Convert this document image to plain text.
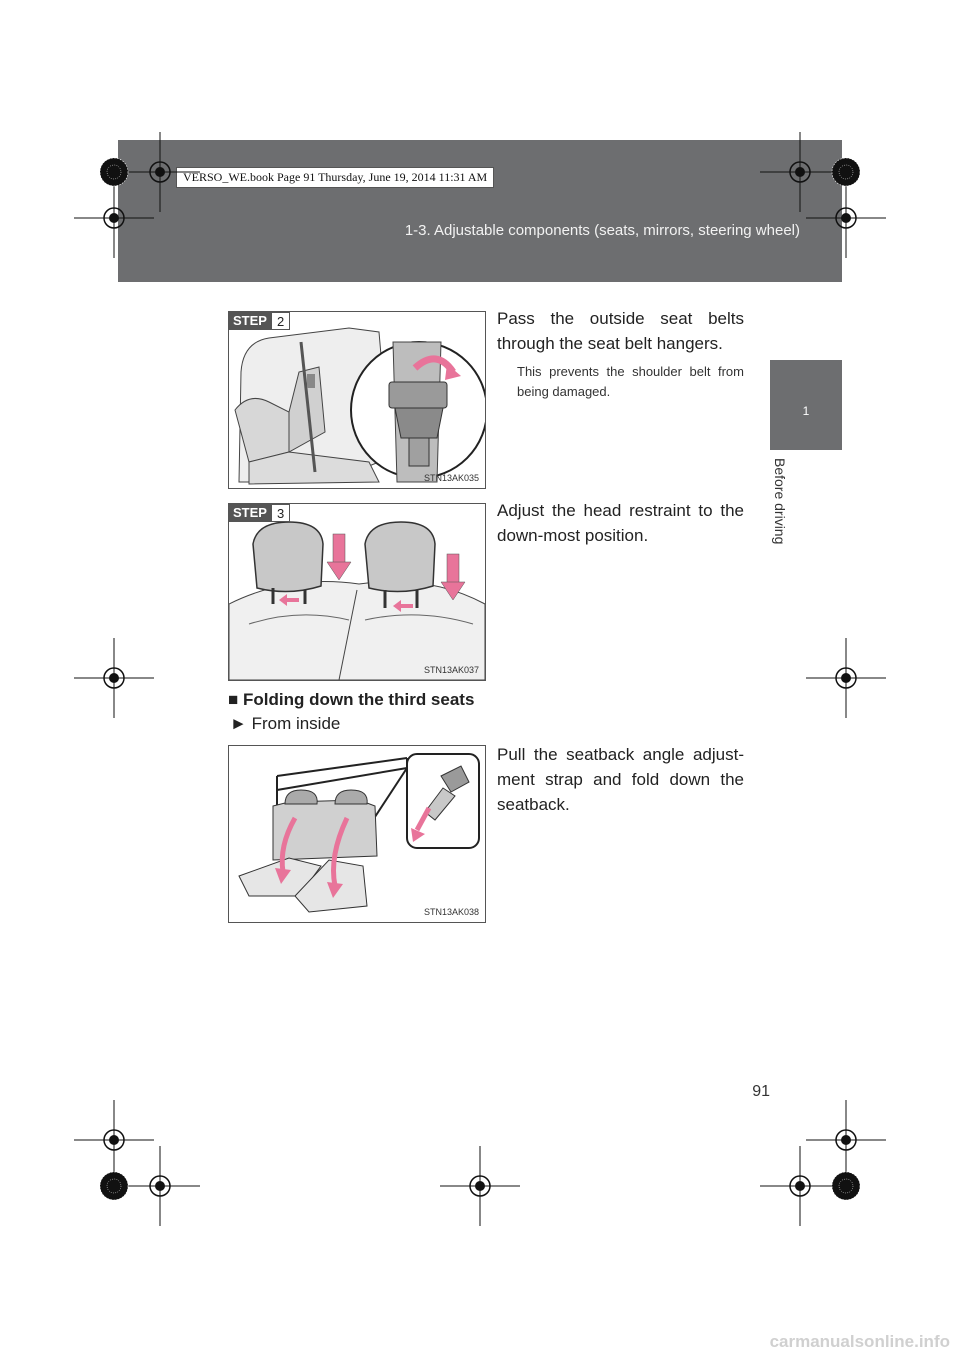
1-3. Adjustable components (seats, mirrors, steering wheel)
VERSO_WE.book Page 91 Thursday, June 19, 2014 11:31 AM
1
Before driving
STEP 2
STN13AK035
Pass the outside seat belts through the seat belt hangers.
This prevents the shoulder belt from being damaged.
STEP 3
STN13AK037
Adjust the head restraint to the down-most position.
■ Folding down the third seats
► From inside
STN13AK038
Pull the seatback angle adjust-ment strap and fold down the seatback.
91
carmanualsonline.info
